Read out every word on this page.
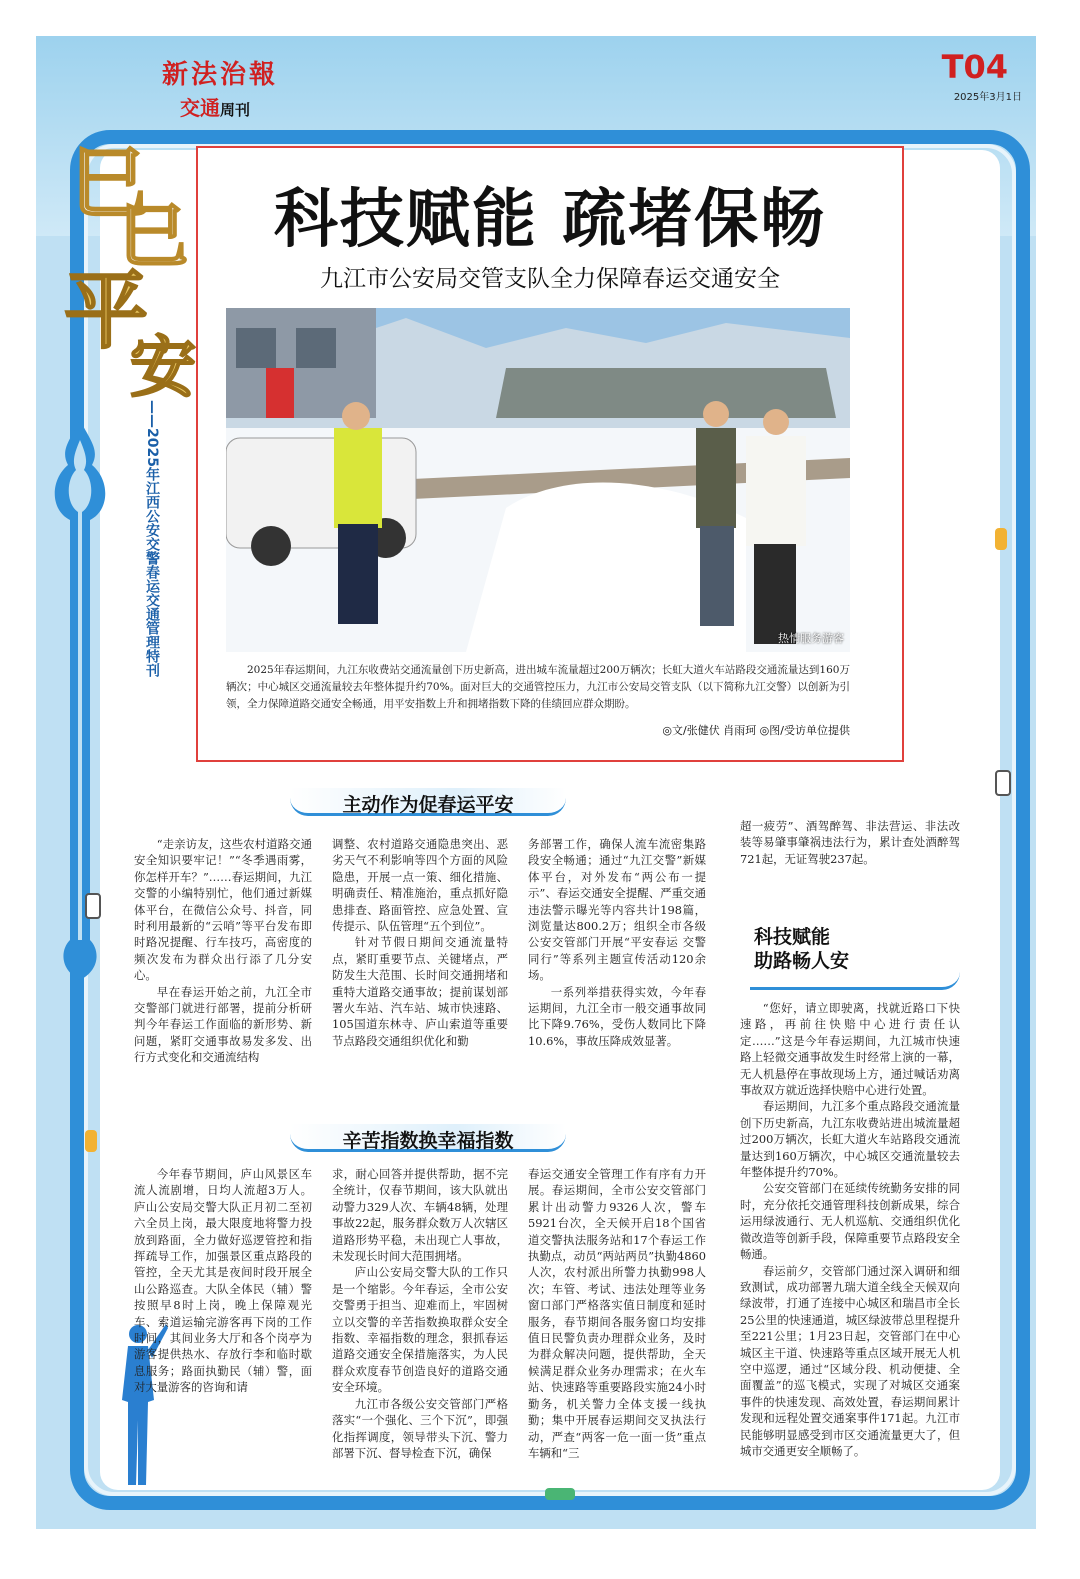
新法治報
交通周刊
T04
2025年3月1日
巳
巳
平
安
——2025年江西公安交警春运交通管理特刊
科技赋能 疏堵保畅
九江市公安局交管支队全力保障春运交通安全
热情服务游客
2025年春运期间，九江东收费站交通流量创下历史新高，进出城车流量超过200万辆次；长虹大道火车站路段交通流量达到160万辆次；中心城区交通流量较去年整体提升约70%。面对巨大的交通管控压力，九江市公安局交管支队（以下简称九江交警）以创新为引领，全力保障道路交通安全畅通，用平安指数上升和拥堵指数下降的佳绩回应群众期盼。
◎文/张健伏 肖雨珂 ◎图/受访单位提供
主动作为促春运平安

“走亲访友，这些农村道路交通安全知识要牢记！”“冬季遇雨雾，你怎样开车？”……春运期间，九江交警的小编特别忙，他们通过新媒体平台，在微信公众号、抖音，同时利用最新的“云哨”等平台发布即时路况提醒、行车技巧，高密度的频次发布为群众出行添了几分安心。

早在春运开始之前，九江全市交警部门就进行部署，提前分析研判今年春运工作面临的新形势、新问题，紧盯交通事故易发多发、出行方式变化和交通流结构

调整、农村道路交通隐患突出、恶劣天气不利影响等四个方面的风险隐患，开展一点一策、细化措施、明确责任、精准施治，重点抓好隐患排查、路面管控、应急处置、宣传提示、队伍管理“五个到位”。

针对节假日期间交通流量特点，紧盯重要节点、关键堵点，严防发生大范围、长时间交通拥堵和重特大道路交通事故；提前谋划部署火车站、汽车站、城市快速路、105国道东林寺、庐山索道等重要节点路段交通组织优化和勤

务部署工作，确保人流车流密集路段安全畅通；通过“九江交警”新媒体平台，对外发布“两公布一提示”、春运交通安全提醒、严重交通违法警示曝光等内容共计198篇，浏览量达800.2万；组织全市各级公安交管部门开展“平安春运 交警同行”等系列主题宣传活动120余场。

一系列举措获得实效，今年春运期间，九江全市一般交通事故同比下降9.76%，受伤人数同比下降10.6%，事故压降成效显著。

超一疲劳”、酒驾醉驾、非法营运、非法改装等易肇事肇祸违法行为，累计查处酒醉驾721起，无证驾驶237起。

科技赋能
助路畅人安

“您好，请立即驶离，找就近路口下快速路，再前往快赔中心进行责任认定……”这是今年春运期间，九江城市快速路上轻微交通事故发生时经常上演的一幕，无人机悬停在事故现场上方，通过喊话劝离事故双方就近选择快赔中心进行处置。

春运期间，九江多个重点路段交通流量创下历史新高，九江东收费站进出城流量超过200万辆次，长虹大道火车站路段交通流量达到160万辆次，中心城区交通流量较去年整体提升约70%。

公安交管部门在延续传统勤务安排的同时，充分依托交通管理科技创新成果，综合运用绿波通行、无人机巡航、交通组织优化微改造等创新手段，保障重要节点路段安全畅通。

春运前夕，交管部门通过深入调研和细致测试，成功部署九瑞大道全线全天候双向绿波带，打通了连接中心城区和瑞昌市全长25公里的快速通道，城区绿波带总里程提升至221公里；1月23日起，交管部门在中心城区主干道、快速路等重点区域开展无人机空中巡逻，通过“区域分段、机动便捷、全面覆盖”的巡飞模式，实现了对城区交通案事件的快速发现、高效处置，春运期间累计发现和远程处置交通案事件171起。九江市民能够明显感受到市区交通流量更大了，但城市交通更安全顺畅了。

辛苦指数换幸福指数

今年春节期间，庐山风景区车流人流剧增，日均人流超3万人。庐山公安局交警大队正月初二至初六全员上岗，最大限度地将警力投放到路面，全力做好巡逻管控和指挥疏导工作，加强景区重点路段的管控，全天尤其是夜间时段开展全山公路巡查。大队全体民（辅）警按照早8时上岗，晚上保障观光车、索道运输完游客再下岗的工作时间，其间业务大厅和各个岗亭为游客提供热水、存放行李和临时歇息服务；路面执勤民（辅）警，面对大量游客的咨询和请

求，耐心回答并提供帮助，据不完全统计，仅春节期间，该大队就出动警力329人次、车辆48辆，处理事故22起，服务群众数万人次辖区道路形势平稳，未出现亡人事故，未发现长时间大范围拥堵。

庐山公安局交警大队的工作只是一个缩影。今年春运，全市公安交警勇于担当、迎难而上，牢固树立以交警的辛苦指数换取群众安全指数、幸福指数的理念，狠抓春运道路交通安全保措施落实，为人民群众欢度春节创造良好的道路交通安全环境。

九江市各级公安交管部门严格落实“一个强化、三个下沉”，即强化指挥调度，领导带头下沉、警力部署下沉、督导检查下沉，确保

春运交通安全管理工作有序有力开展。春运期间，全市公安交管部门累计出动警力9326人次，警车5921台次，全天候开启18个国省道交警执法服务站和17个春运工作执勤点，动员“两站两员”执勤4860人次，农村派出所警力执勤998人次；车管、考试、违法处理等业务窗口部门严格落实值日制度和延时服务，春节期间各服务窗口均安排值日民警负责办理群众业务，及时为群众解决问题，提供帮助，全天候满足群众业务办理需求；在火车站、快速路等重要路段实施24小时勤务，机关警力全体支援一线执勤；集中开展春运期间交叉执法行动，严查“两客一危一面一货”重点车辆和“三
